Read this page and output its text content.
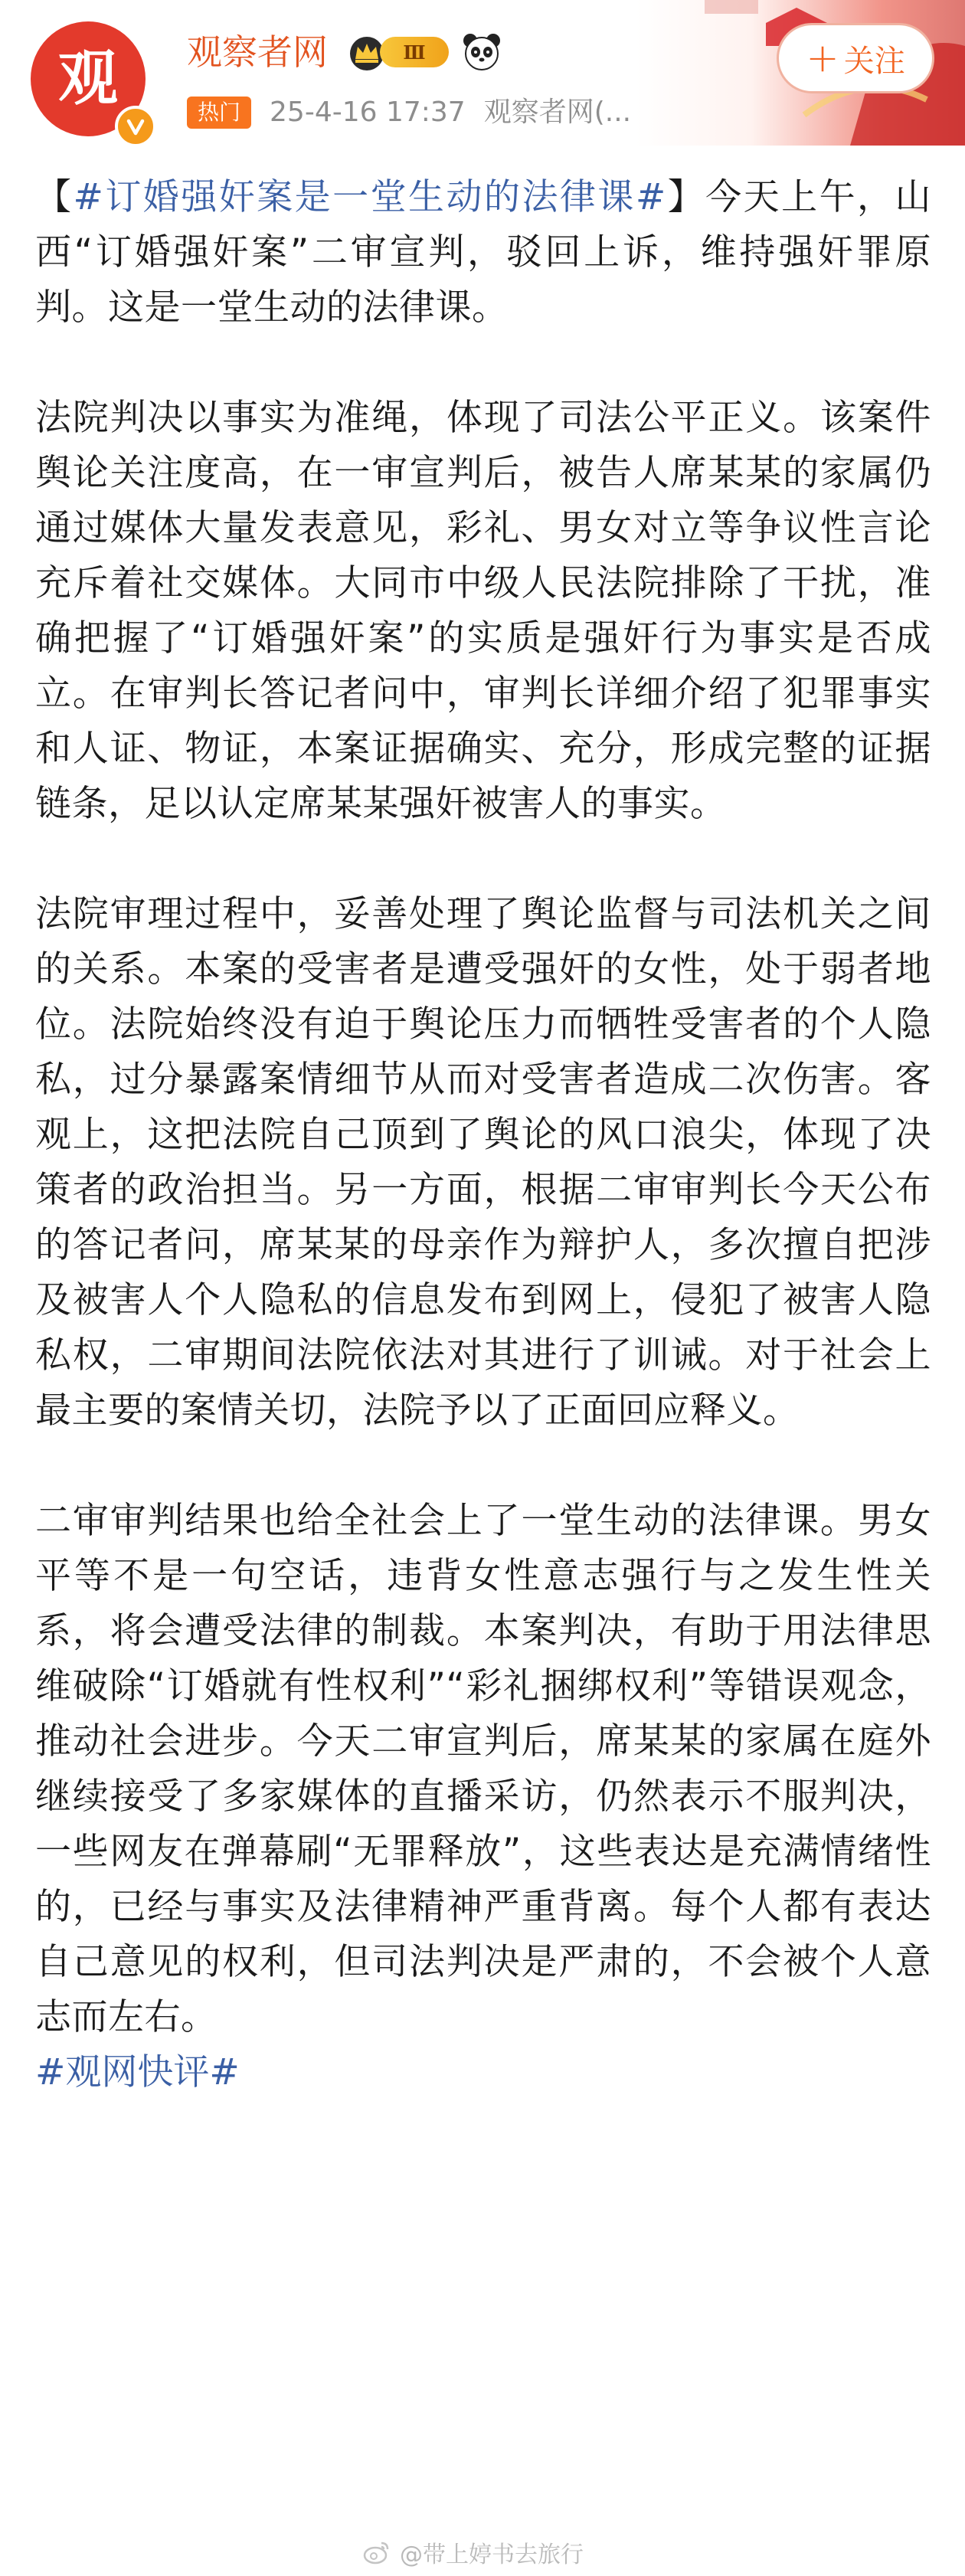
观 观察者网	Ⅲ
热门	25-4-16 17:37 观察者网(...
+ 关注

【#订婚强奸案是一堂生动的法律课#】今天上午，山西“订婚强奸案”二审宣判，驳回上诉，维持强奸罪原判。这是一堂生动的法律课。

法院判决以事实为准绳，体现了司法公平正义。该案件舆论关注度高，在一审宣判后，被告人席某某的家属仍通过媒体大量发表意见，彩礼、男女对立等争议性言论充斥着社交媒体。大同市中级人民法院排除了干扰，准确把握了“订婚强奸案”的实质是强奸行为事实是否成立。在审判长答记者问中，审判长详细介绍了犯罪事实和人证、物证，本案证据确实、充分，形成完整的证据链条，足以认定席某某强奸被害人的事实。

法院审理过程中，妥善处理了舆论监督与司法机关之间的关系。本案的受害者是遭受强奸的女性，处于弱者地位。法院始终没有迫于舆论压力而牺牲受害者的个人隐私，过分暴露案情细节从而对受害者造成二次伤害。客观上，这把法院自己顶到了舆论的风口浪尖，体现了决策者的政治担当。另一方面，根据二审审判长今天公布的答记者问，席某某的母亲作为辩护人，多次擅自把涉及被害人个人隐私的信息发布到网上，侵犯了被害人隐私权，二审期间法院依法对其进行了训诫。对于社会上最主要的案情关切，法院予以了正面回应释义。

二审审判结果也给全社会上了一堂生动的法律课。男女平等不是一句空话，违背女性意志强行与之发生性关系，将会遭受法律的制裁。本案判决，有助于用法律思维破除“订婚就有性权利”“彩礼捆绑权利”等错误观念，推动社会进步。今天二审宣判后，席某某的家属在庭外继续接受了多家媒体的直播采访，仍然表示不服判决，一些网友在弹幕刷“无罪释放”，这些表达是充满情绪性的，已经与事实及法律精神严重背离。每个人都有表达自己意见的权利，但司法判决是严肃的，不会被个人意志而左右。

#观网快评#

@带上婷书去旅行
